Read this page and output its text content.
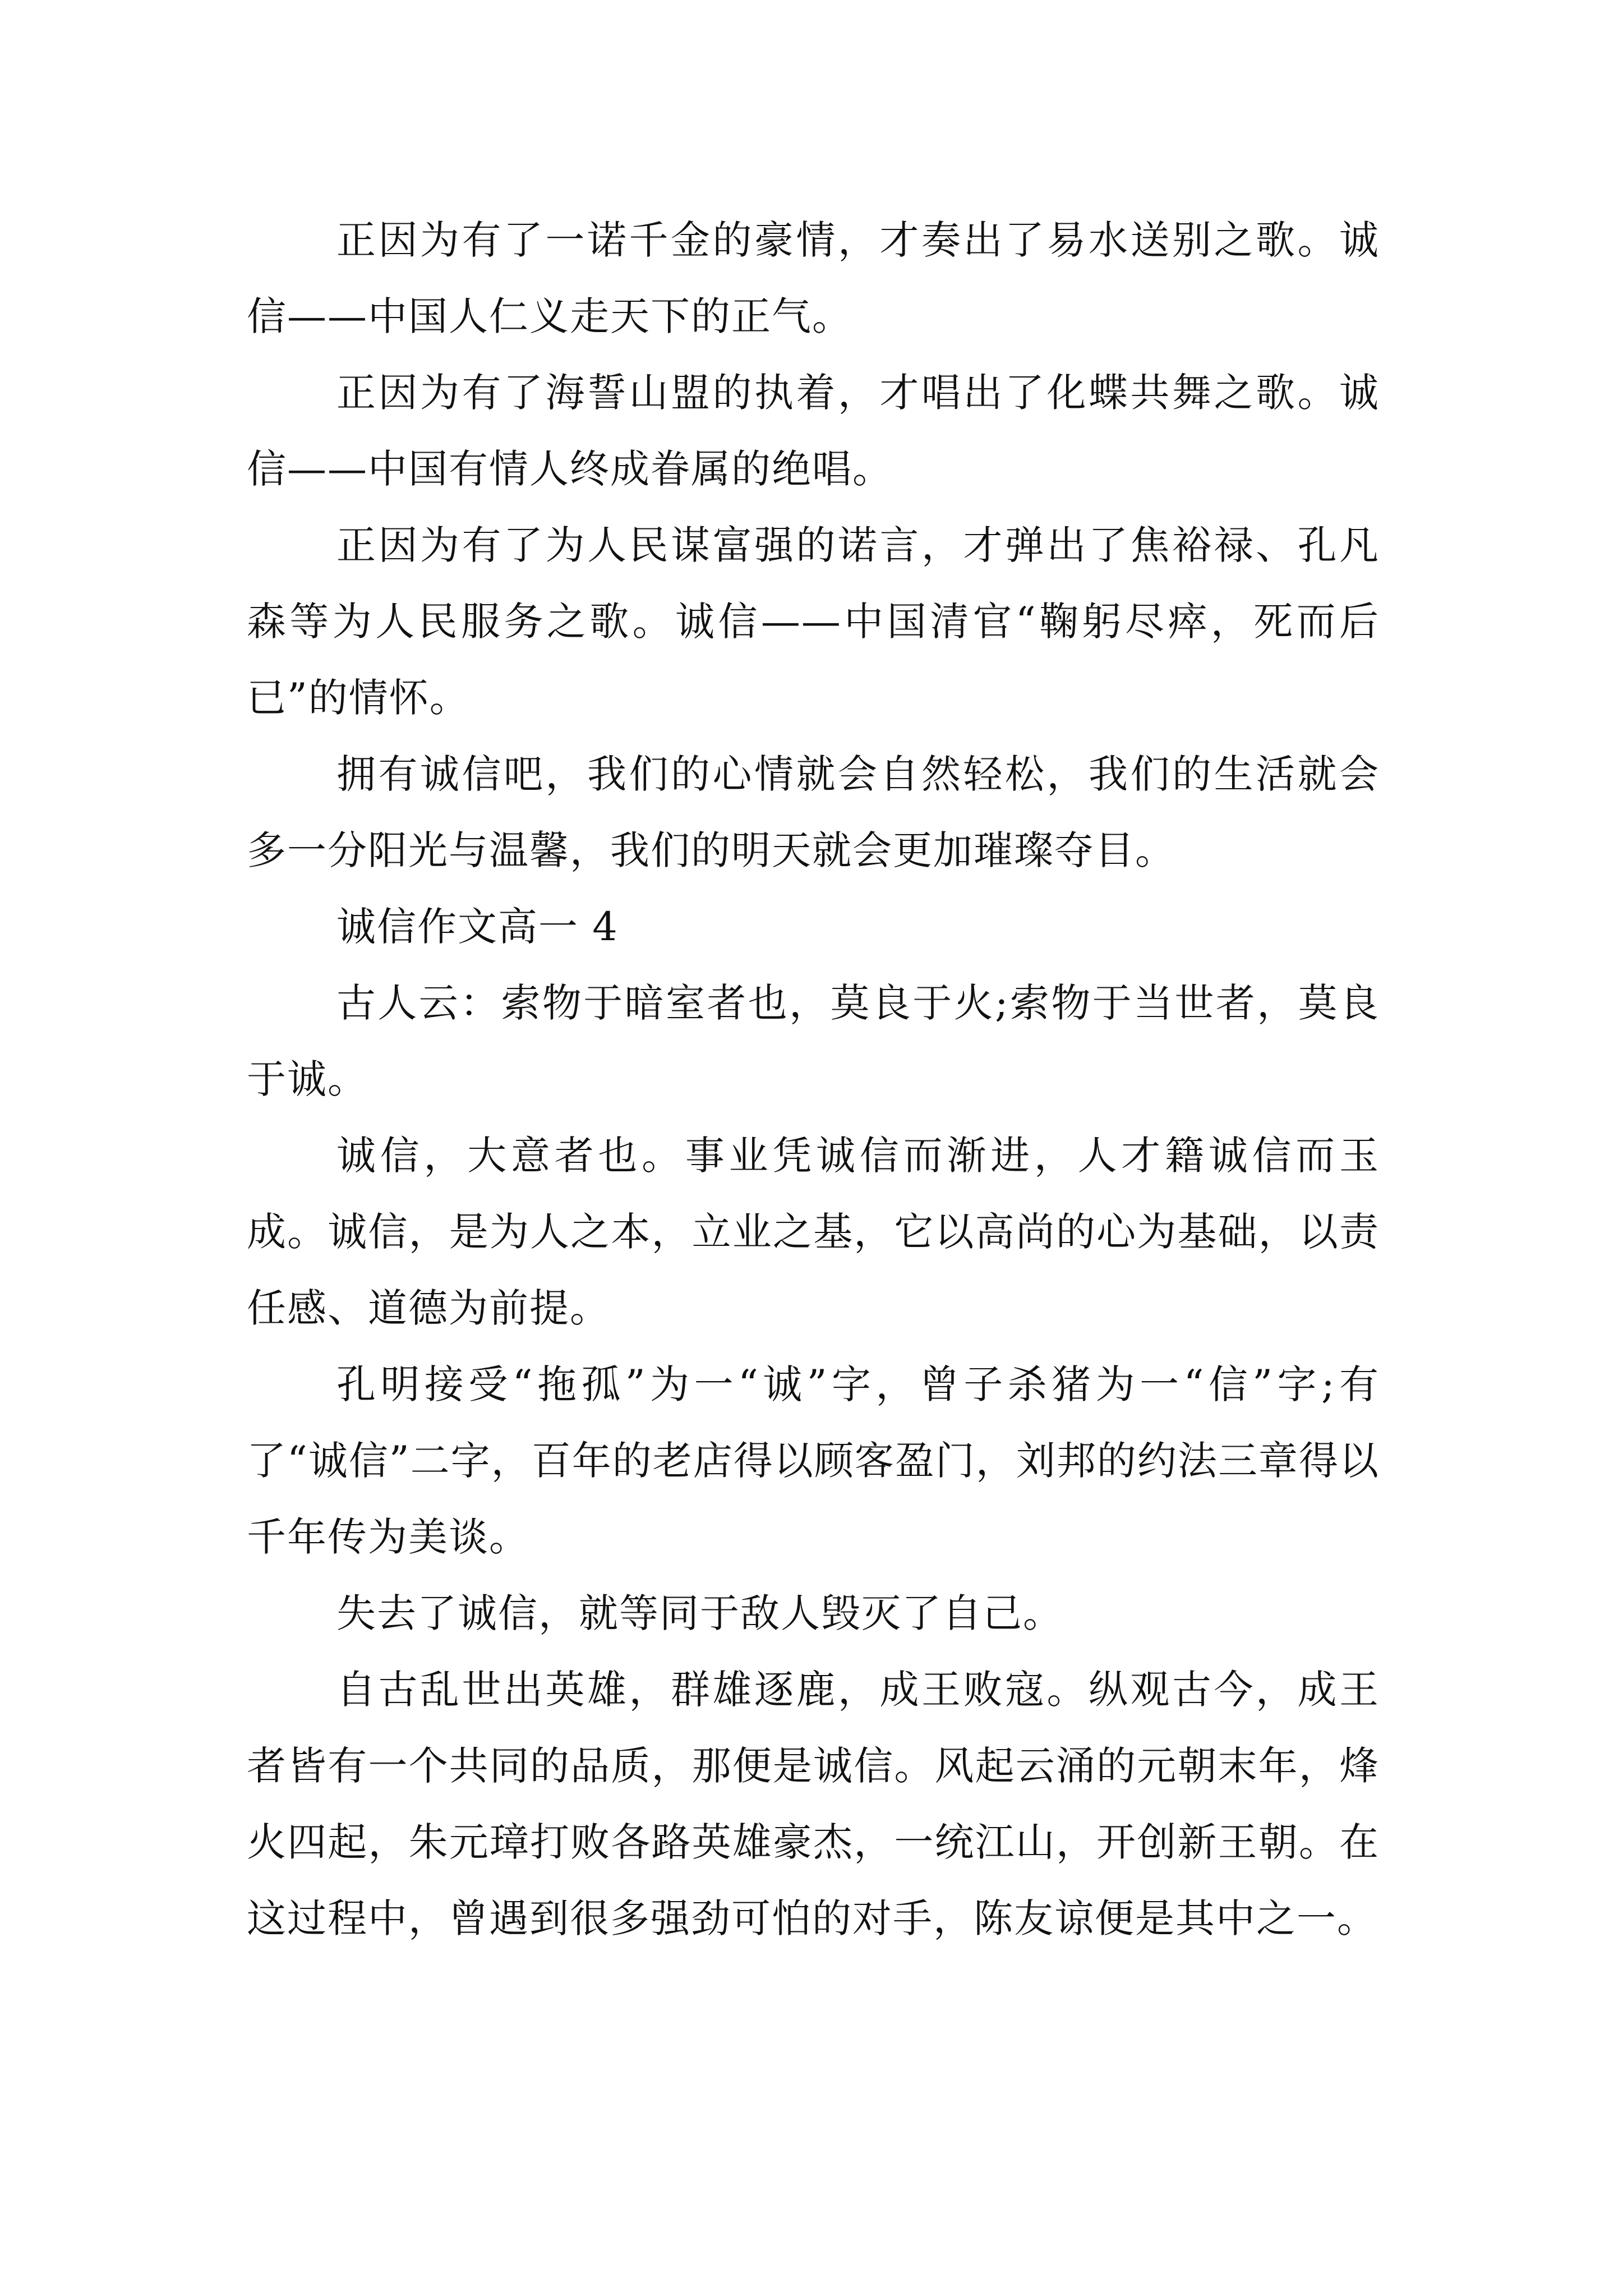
正因为有了一诺千金的豪情，才奏出了易水送别之歌。诚信——中国人仁义走天下的正气。

正因为有了海誓山盟的执着，才唱出了化蝶共舞之歌。诚信——中国有情人终成眷属的绝唱。

正因为有了为人民谋富强的诺言，才弹出了焦裕禄、孔凡森等为人民服务之歌。诚信——中国清官“鞠躬尽瘁，死而后已”的情怀。

拥有诚信吧，我们的心情就会自然轻松，我们的生活就会多一分阳光与温馨，我们的明天就会更加璀璨夺目。

诚信作文高一 4

古人云：索物于暗室者也，莫良于火;索物于当世者，莫良于诚。

诚信，大意者也。事业凭诚信而渐进，人才籍诚信而玉成。诚信，是为人之本，立业之基，它以高尚的心为基础，以责任感、道德为前提。

孔明接受“拖孤”为一“诚”字，曾子杀猪为一“信”字;有了“诚信”二字，百年的老店得以顾客盈门，刘邦的约法三章得以千年传为美谈。

失去了诚信，就等同于敌人毁灭了自己。

自古乱世出英雄，群雄逐鹿，成王败寇。纵观古今，成王者皆有一个共同的品质，那便是诚信。风起云涌的元朝末年，烽火四起，朱元璋打败各路英雄豪杰，一统江山，开创新王朝。在这过程中，曾遇到很多强劲可怕的对手，陈友谅便是其中之一。
